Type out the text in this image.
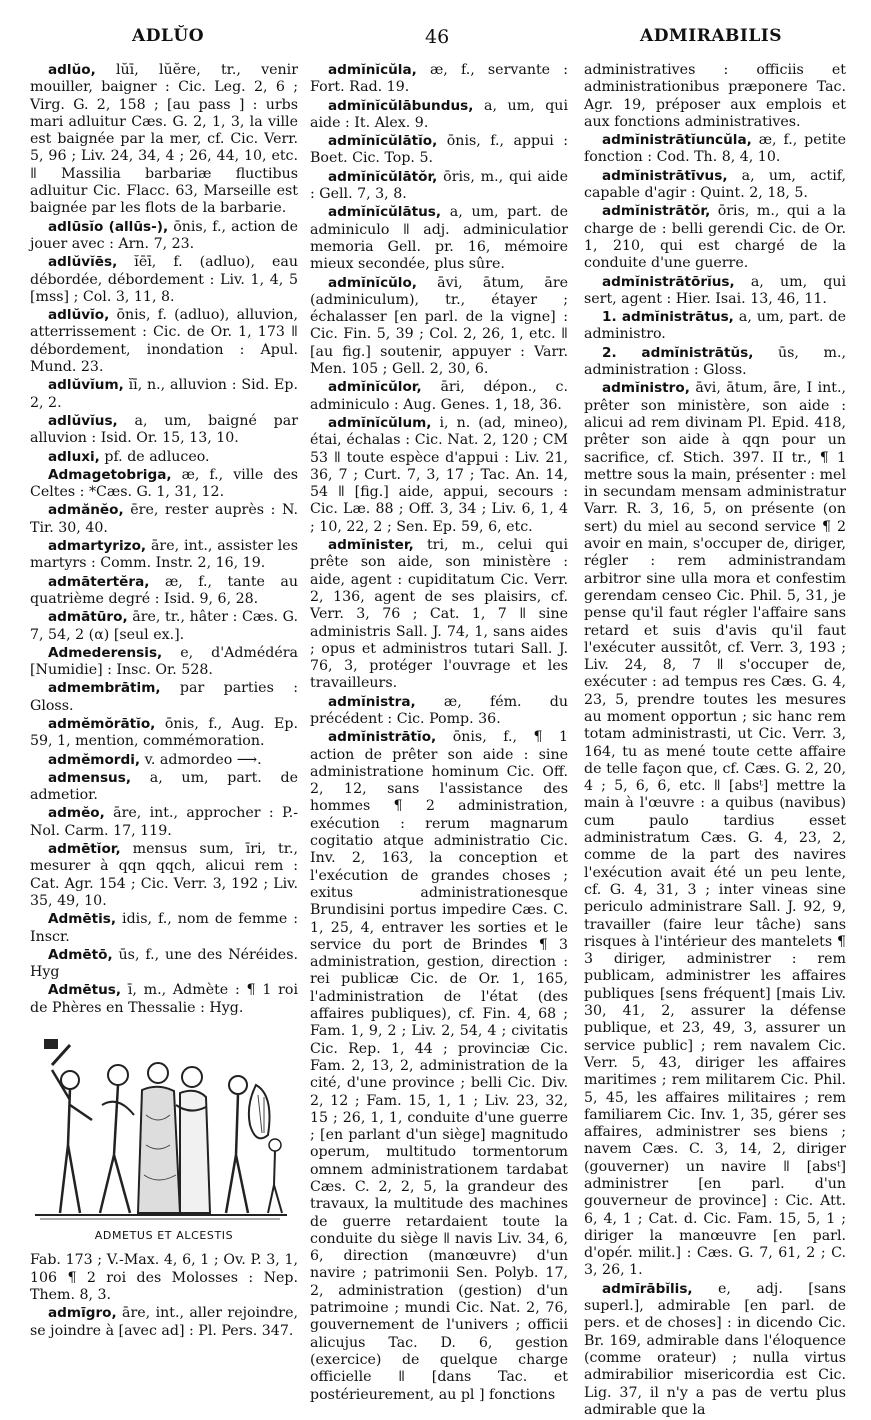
ADLŬO	46	ADMIRABILIS

adlŭo, lŭī, lŭĕre, tr., venir mouiller, baigner : Cic. Leg. 2, 6 ; Virg. G. 2, 158 ; [au pass ] : urbs mari adluitur Cæs. G. 2, 1, 3, la ville est baignée par la mer, cf. Cic. Verr. 5, 96 ; Liv. 24, 34, 4 ; 26, 44, 10, etc. ǁ Massilia barbariæ fluctibus adluitur Cic. Flacc. 63, Marseille est baignée par les flots de la barbarie.

adlūsĭo (allūs-), ōnis, f., action de jouer avec : Arn. 7, 23.

adlŭvĭēs, ĭēī, f. (adluo), eau débordée, débordement : Liv. 1, 4, 5 [mss] ; Col. 3, 11, 8.

adlŭvĭo, ōnis, f. (adluo), alluvion, atterrissement : Cic. de Or. 1, 173 ǁ débordement, inondation : Apul. Mund. 23.

adlŭvĭum, ĭī, n., alluvion : Sid. Ep. 2, 2.

adlŭvĭus, a, um, baigné par alluvion : Isid. Or. 15, 13, 10.

adluxi, pf. de adluceo.

Admagetobriga, æ, f., ville des Celtes : *Cæs. G. 1, 31, 12.

admănĕo, ēre, rester auprès : N. Tir. 30, 40.

admartyrizo, āre, int., assister les martyrs : Comm. Instr. 2, 16, 19.

admātertĕra, æ, f., tante au quatrième degré : Isid. 9, 6, 28.

admātūro, āre, tr., hâter : Cæs. G. 7, 54, 2 (α) [seul ex.].

Admederensis, e, d'Admédéra [Numidie] : Insc. Or. 528.

admembrātim, par parties : Gloss.

admĕmŏrātĭo, ōnis, f., Aug. Ep. 59, 1, mention, commémoration.

admĕmordi, v. admordeo ⟶.

admensus, a, um, part. de admetior.

admĕo, āre, int., approcher : P.-Nol. Carm. 17, 119.

admētĭor, mensus sum, īri, tr., mesurer à qqn qqch, alicui rem : Cat. Agr. 154 ; Cic. Verr. 3, 192 ; Liv. 35, 49, 10.

Admētis, idis, f., nom de femme : Inscr.

Admētō, ūs, f., une des Néréides. Hyg

Admētus, ī, m., Admète : ¶ 1 roi de Phères en Thessalie : Hyg.

ADMETUS ET ALCESTIS

Fab. 173 ; V.-Max. 4, 6, 1 ; Ov. P. 3, 1, 106 ¶ 2 roi des Molosses : Nep. Them. 8, 3.

admīgro, āre, int., aller rejoindre, se joindre à [avec ad] : Pl. Pers. 347.

admĭnĭcŭla, æ, f., servante : Fort. Rad. 19.

admĭnĭcŭlābundus, a, um, qui aide : It. Alex. 9.

admĭnĭcŭlātĭo, ōnis, f., appui : Boet. Cic. Top. 5.

admĭnĭcŭlātŏr, ōris, m., qui aide : Gell. 7, 3, 8.

admĭnĭcŭlātus, a, um, part. de adminiculo ǁ adj. adminiculatior memoria Gell. pr. 16, mémoire mieux secondée, plus sûre.

admĭnĭcŭlo, āvi, ātum, āre (adminiculum), tr., étayer ; échalasser [en parl. de la vigne] : Cic. Fin. 5, 39 ; Col. 2, 26, 1, etc. ǁ [au fig.] soutenir, appuyer : Varr. Men. 105 ; Gell. 2, 30, 6.

admĭnĭcŭlor, āri, dépon., c. adminiculo : Aug. Genes. 1, 18, 36.

admĭnĭcŭlum, i, n. (ad, mineo), étai, échalas : Cic. Nat. 2, 120 ; CM 53 ǁ toute espèce d'appui : Liv. 21, 36, 7 ; Curt. 7, 3, 17 ; Tac. An. 14, 54 ǁ [fig.] aide, appui, secours : Cic. Læ. 88 ; Off. 3, 34 ; Liv. 6, 1, 4 ; 10, 22, 2 ; Sen. Ep. 59, 6, etc.

admĭnister, tri, m., celui qui prête son aide, son ministère : aide, agent : cupiditatum Cic. Verr. 2, 136, agent de ses plaisirs, cf. Verr. 3, 76 ; Cat. 1, 7 ǁ sine administris Sall. J. 74, 1, sans aides ; opus et administros tutari Sall. J. 76, 3, protéger l'ouvrage et les travailleurs.

admĭnistra, æ, fém. du précédent : Cic. Pomp. 36.

admĭnistrātĭo, ōnis, f., ¶ 1 action de prêter son aide : sine administratione hominum Cic. Off. 2, 12, sans l'assistance des hommes ¶ 2 administration, exécution : rerum magnarum cogitatio atque administratio Cic. Inv. 2, 163, la conception et l'exécution de grandes choses ; exitus administrationesque Brundisini portus impedire Cæs. C. 1, 25, 4, entraver les sorties et le service du port de Brindes ¶ 3 administration, gestion, direction : rei publicæ Cic. de Or. 1, 165, l'administration de l'état (des affaires publiques), cf. Fin. 4, 68 ; Fam. 1, 9, 2 ; Liv. 2, 54, 4 ; civitatis Cic. Rep. 1, 44 ; provinciæ Cic. Fam. 2, 13, 2, administration de la cité, d'une province ; belli Cic. Div. 2, 12 ; Fam. 15, 1, 1 ; Liv. 23, 32, 15 ; 26, 1, 1, conduite d'une guerre ; [en parlant d'un siège] magnitudo operum, multitudo tormentorum omnem administrationem tardabat Cæs. C. 2, 2, 5, la grandeur des travaux, la multitude des machines de guerre retardaient toute la conduite du siège ǁ navis Liv. 34, 6, 6, direction (manœuvre) d'un navire ; patrimonii Sen. Polyb. 17, 2, administration (gestion) d'un patrimoine ; mundi Cic. Nat. 2, 76, gouvernement de l'univers ; officii alicujus Tac. D. 6, gestion (exercice) de quelque charge officielle ǁ [dans Tac. et postérieurement, au pl ] fonctions

administratives : officiis et administrationibus præponere Tac. Agr. 19, préposer aux emplois et aux fonctions administratives.

admĭnistrātĭuncŭla, æ, f., petite fonction : Cod. Th. 8, 4, 10.

admĭnistrātīvus, a, um, actif, capable d'agir : Quint. 2, 18, 5.

admĭnistrātŏr, ōris, m., qui a la charge de : belli gerendi Cic. de Or. 1, 210, qui est chargé de la conduite d'une guerre.

admĭnistrātōrĭus, a, um, qui sert, agent : Hier. Isai. 13, 46, 11.

1. admĭnistrātus, a, um, part. de administro.

2. admĭnistrātŭs, ūs, m., administration : Gloss.

admĭnistro, āvi, ātum, āre, I int., prêter son ministère, son aide : alicui ad rem divinam Pl. Epid. 418, prêter son aide à qqn pour un sacrifice, cf. Stich. 397. II tr., ¶ 1 mettre sous la main, présenter : mel in secundam mensam administratur Varr. R. 3, 16, 5, on présente (on sert) du miel au second service ¶ 2 avoir en main, s'occuper de, diriger, régler : rem administrandam arbitror sine ulla mora et confestim gerendam censeo Cic. Phil. 5, 31, je pense qu'il faut régler l'affaire sans retard et suis d'avis qu'il faut l'exécuter aussitôt, cf. Verr. 3, 193 ; Liv. 24, 8, 7 ǁ s'occuper de, exécuter : ad tempus res Cæs. G. 4, 23, 5, prendre toutes les mesures au moment opportun ; sic hanc rem totam administrasti, ut Cic. Verr. 3, 164, tu as mené toute cette affaire de telle façon que, cf. Cæs. G. 2, 20, 4 ; 5, 6, 6, etc. ǁ [absᵗ] mettre la main à l'œuvre : a quibus (navibus) cum paulo tardius esset administratum Cæs. G. 4, 23, 2, comme de la part des navires l'exécution avait été un peu lente, cf. G. 4, 31, 3 ; inter vineas sine periculo administrare Sall. J. 92, 9, travailler (faire leur tâche) sans risques à l'intérieur des mantelets ¶ 3 diriger, administrer : rem publicam, administrer les affaires publiques [sens fréquent] [mais Liv. 30, 41, 2, assurer la défense publique, et 23, 49, 3, assurer un service public] ; rem navalem Cic. Verr. 5, 43, diriger les affaires maritimes ; rem militarem Cic. Phil. 5, 45, les affaires militaires ; rem familiarem Cic. Inv. 1, 35, gérer ses affaires, administrer ses biens ; navem Cæs. C. 3, 14, 2, diriger (gouverner) un navire ǁ [absᵗ] administrer [en parl. d'un gouverneur de province] : Cic. Att. 6, 4, 1 ; Cat. d. Cic. Fam. 15, 5, 1 ; diriger la manœuvre [en parl. d'opér. milit.] : Cæs. G. 7, 61, 2 ; C. 3, 26, 1.

admīrābĭlis, e, adj. [sans superl.], admirable [en parl. de pers. et de choses] : in dicendo Cic. Br. 169, admirable dans l'éloquence (comme orateur) ; nulla virtus admirabilior misericordia est Cic. Lig. 37, il n'y a pas de vertu plus admirable que la
